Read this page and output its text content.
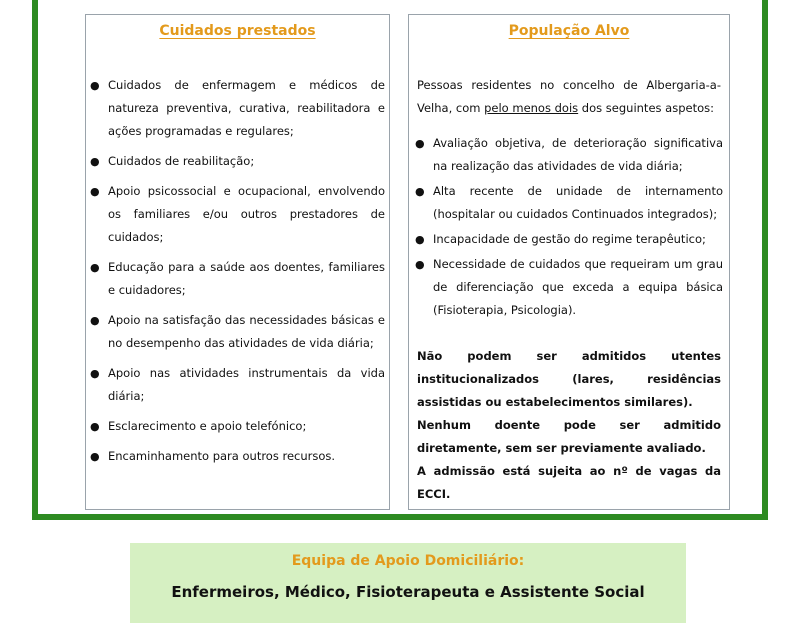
Cuidados prestados
● Cuidados de enfermagem e médicos de natureza preventiva, curativa, reabilitadora e ações programadas e regulares;
● Cuidados de reabilitação;
● Apoio psicossocial e ocupacional, envolvendo os familiares e/ou outros prestadores de cuidados;
● Educação para a saúde aos doentes, familiares e cuidadores;
● Apoio na satisfação das necessidades básicas e no desempenho das atividades de vida diária;
● Apoio nas atividades instrumentais da vida diária;
● Esclarecimento e apoio telefónico;
● Encaminhamento para outros recursos.
População Alvo

Pessoas residentes no concelho de Albergaria-a-Velha, com pelo menos dois dos seguintes aspetos:

● Avaliação objetiva, de deterioração significativa na realização das atividades de vida diária;
● Alta recente de unidade de internamento (hospitalar ou cuidados Continuados integrados);
● Incapacidade de gestão do regime terapêutico;
● Necessidade de cuidados que requeiram um grau de diferenciação que exceda a equipa básica (Fisioterapia, Psicologia).

Não podem ser admitidos utentes institucionalizados (lares, residências assistidas ou estabelecimentos similares).

Nenhum doente pode ser admitido diretamente, sem ser previamente avaliado.

A admissão está sujeita ao nº de vagas da ECCI.

Equipa de Apoio Domiciliário:
Enfermeiros, Médico, Fisioterapeuta e Assistente Social
